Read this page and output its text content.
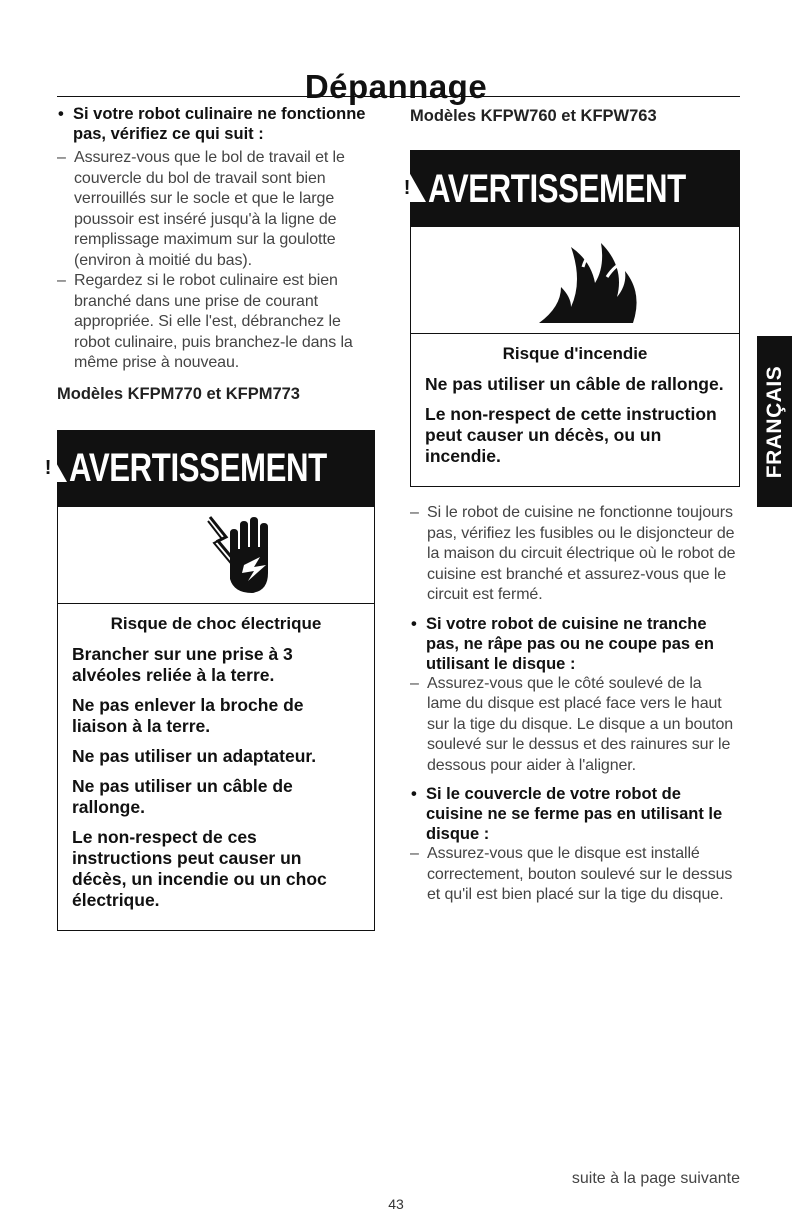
Dépannage

• Si votre robot culinaire ne fonctionne pas, vérifiez ce qui suit :

– Assurez-vous que le bol de travail et le couvercle du bol de travail sont bien verrouillés sur le socle et que le large poussoir est inséré jusqu'à la ligne de remplissage maximum sur la goulotte (environ à moitié du bas).

– Regardez si le robot culinaire est bien branché dans une prise de courant appropriée. Si elle l'est, débranchez le robot culinaire, puis branchez-le dans la même prise à nouveau.

Modèles KFPM770 et KFPM773

!
AVERTISSEMENT

Risque de choc électrique

Brancher sur une prise à 3 alvéoles reliée à la terre.

Ne pas enlever la broche de liaison à la terre.

Ne pas utiliser un adaptateur.

Ne pas utiliser un câble de rallonge.

Le non-respect de ces instructions peut causer un décès, un incendie ou un choc électrique.

Modèles KFPW760 et KFPW763

!
AVERTISSEMENT

Risque d'incendie

Ne pas utiliser un câble de rallonge.

Le non-respect de cette instruction peut causer un décès, ou un incendie.

– Si le robot de cuisine ne fonctionne toujours pas, vérifiez les fusibles ou le disjoncteur de la maison du circuit électrique où le robot de cuisine est branché et assurez-vous que le circuit est fermé.

• Si votre robot de cuisine ne tranche pas, ne râpe pas ou ne coupe pas en utilisant le disque :

– Assurez-vous que le côté soulevé de la lame du disque est placé face vers le haut sur la tige du disque. Le disque a un bouton soulevé sur le dessus et des rainures sur le dessous pour aider à l'aligner.

• Si le couvercle de votre robot de cuisine ne se ferme pas en utilisant le disque :

– Assurez-vous que le disque est installé correctement, bouton soulevé sur le dessus et qu'il est bien placé sur la tige du disque.

FRANÇAIS
suite à la page suivante
43
